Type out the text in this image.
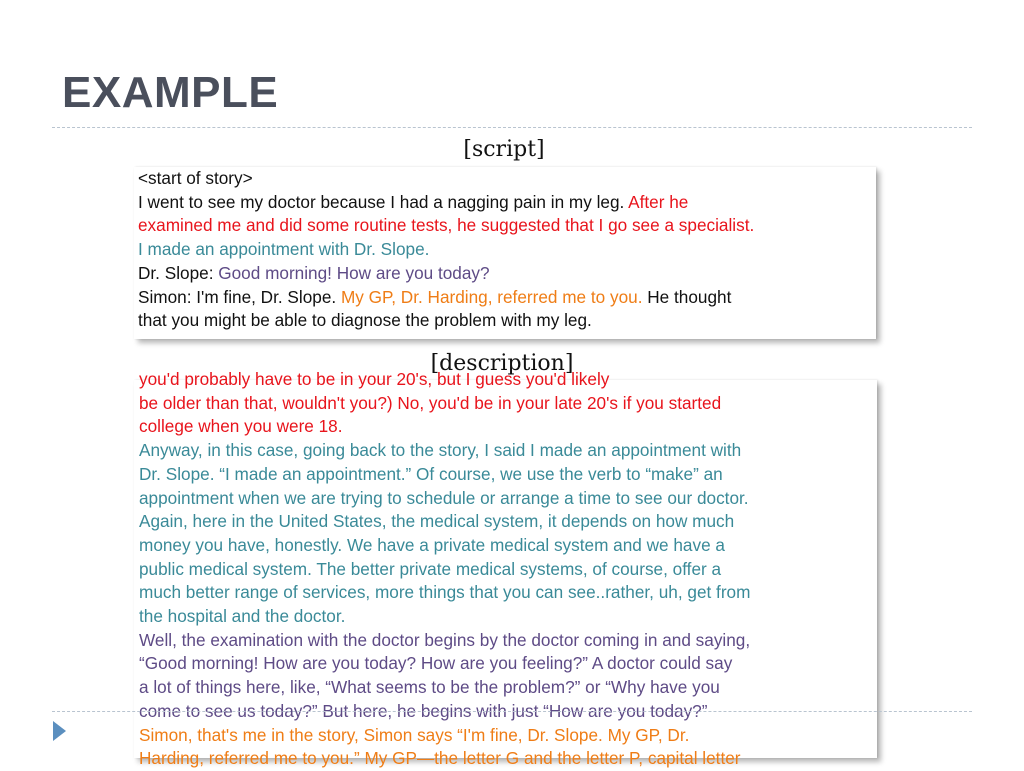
EXAMPLE
[script]
<start of story>
I went to see my doctor because I had a nagging pain in my leg. After he
examined me and did some routine tests, he suggested that I go see a specialist.
I made an appointment with Dr. Slope.
Dr. Slope: Good morning! How are you today?
Simon: I'm fine, Dr. Slope. My GP, Dr. Harding, referred me to you. He thought
that you might be able to diagnose the problem with my leg.
[description]
you'd probably have to be in your 20's, but I guess you'd likely
be older than that, wouldn't you?) No, you'd be in your late 20's if you started
college when you were 18.
Anyway, in this case, going back to the story, I said I made an appointment with
Dr. Slope. “I made an appointment.” Of course, we use the verb to “make” an
appointment when we are trying to schedule or arrange a time to see our doctor.
Again, here in the United States, the medical system, it depends on how much
money you have, honestly. We have a private medical system and we have a
public medical system. The better private medical systems, of course, offer a
much better range of services, more things that you can see..rather, uh, get from
the hospital and the doctor.
Well, the examination with the doctor begins by the doctor coming in and saying,
“Good morning! How are you today? How are you feeling?” A doctor could say
a lot of things here, like, “What seems to be the problem?” or “Why have you
come to see us today?” But here, he begins with just “How are you today?”
Simon, that's me in the story, Simon says “I'm fine, Dr. Slope. My GP, Dr.
Harding, referred me to you.” My GP—the letter G and the letter P, capital letter
